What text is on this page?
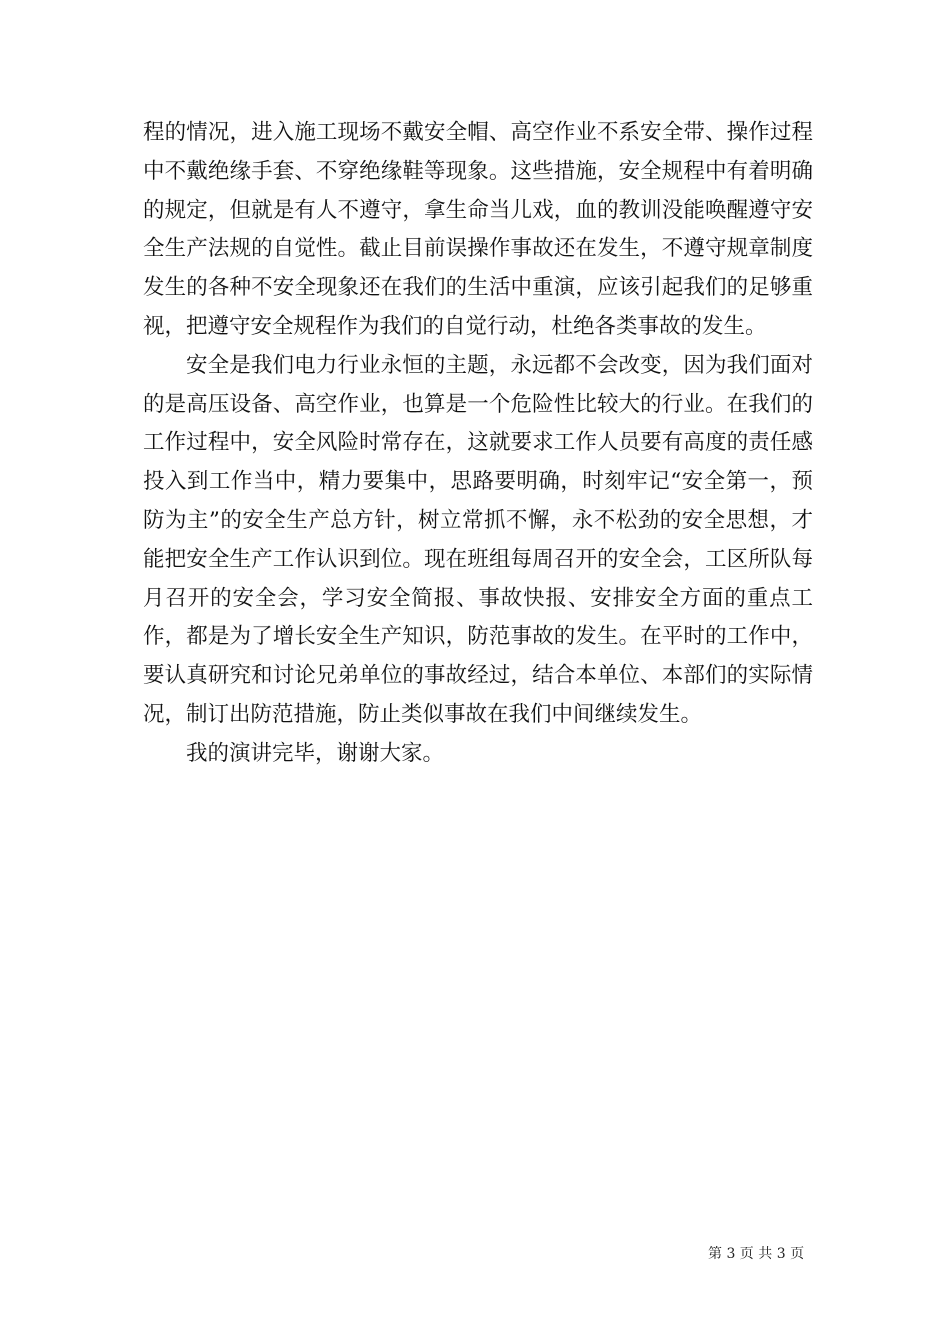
程的情况，进入施工现场不戴安全帽、高空作业不系安全带、操作过程中不戴绝缘手套、不穿绝缘鞋等现象。这些措施，安全规程中有着明确的规定，但就是有人不遵守，拿生命当儿戏，血的教训没能唤醒遵守安全生产法规的自觉性。截止目前误操作事故还在发生，不遵守规章制度发生的各种不安全现象还在我们的生活中重演，应该引起我们的足够重视，把遵守安全规程作为我们的自觉行动，杜绝各类事故的发生。

安全是我们电力行业永恒的主题，永远都不会改变，因为我们面对的是高压设备、高空作业，也算是一个危险性比较大的行业。在我们的工作过程中，安全风险时常存在，这就要求工作人员要有高度的责任感投入到工作当中，精力要集中，思路要明确，时刻牢记“安全第一，预防为主”的安全生产总方针，树立常抓不懈，永不松劲的安全思想，才能把安全生产工作认识到位。现在班组每周召开的安全会，工区所队每月召开的安全会，学习安全简报、事故快报、安排安全方面的重点工作，都是为了增长安全生产知识，防范事故的发生。在平时的工作中，要认真研究和讨论兄弟单位的事故经过，结合本单位、本部们的实际情况，制订出防范措施，防止类似事故在我们中间继续发生。

我的演讲完毕，谢谢大家。

第 3 页 共 3 页
